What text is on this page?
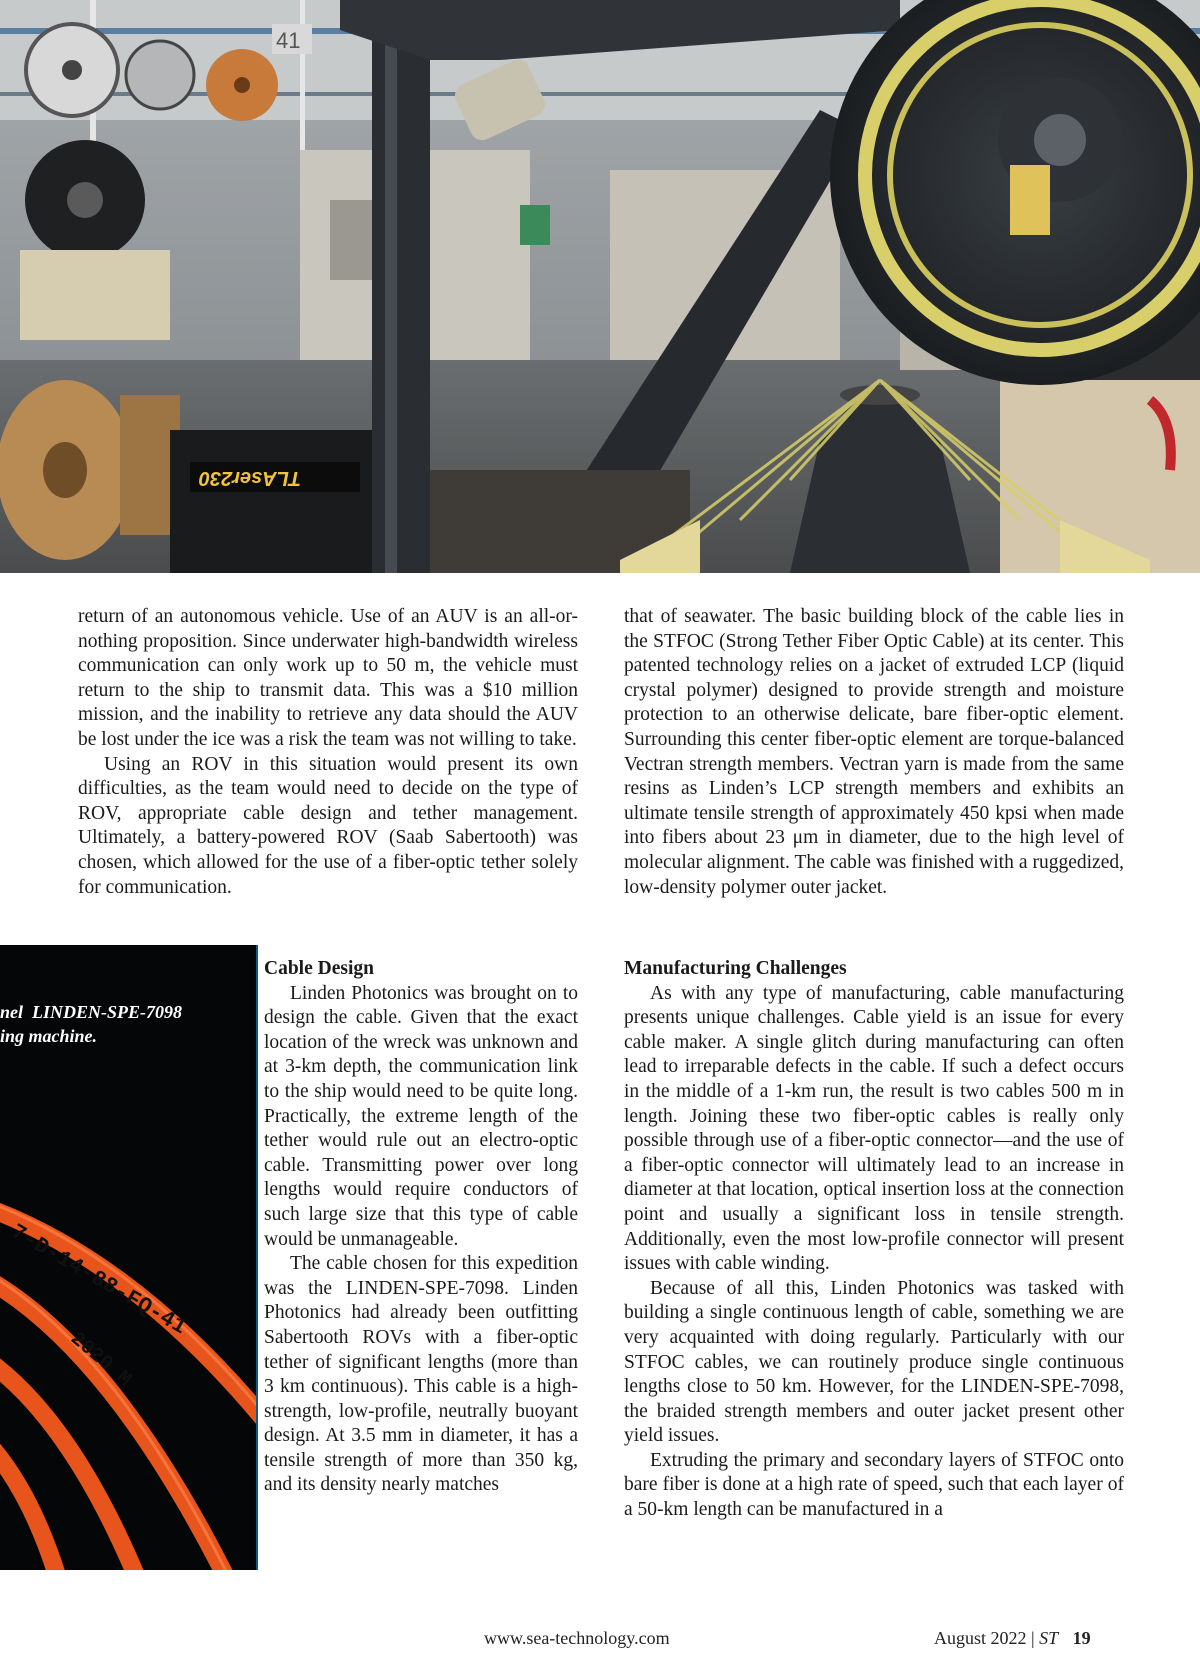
41
TLAser230

return of an autonomous vehicle. Use of an AUV is an all-or-nothing proposition. Since underwater high-bandwidth wireless communication can only work up to 50 m, the vehicle must return to the ship to transmit data. This was a $10 million mission, and the inability to retrieve any data should the AUV be lost under the ice was a risk the team was not willing to take.

Using an ROV in this situation would present its own difficulties, as the team would need to decide on the type of ROV, appropriate cable design and tether management. Ultimately, a battery-powered ROV (Saab Sabertooth) was chosen, which allowed for the use of a fiber-optic tether solely for communication.

that of seawater. The basic building block of the cable lies in the STFOC (Strong Tether Fiber Optic Cable) at its center. This patented technology relies on a jacket of extruded LCP (liquid crystal polymer) designed to provide strength and moisture protection to an otherwise delicate, bare fiber-optic element. Surrounding this center fiber-optic element are torque-balanced Vectran strength members. Vectran yarn is made from the same resins as Linden’s LCP strength members and exhibits an ultimate tensile strength of approximately 450 kpsi when made into fibers about 23 μm in diameter, due to the high level of molecular alignment. The cable was finished with a ruggedized, low-density polymer outer jacket.

7-D-14-88-FQ-41
2020 M
nel  LINDEN-SPE-7098
ing machine.
Cable Design

Linden Photonics was brought on to design the cable. Given that the exact location of the wreck was unknown and at 3-km depth, the communication link to the ship would need to be quite long. Practically, the extreme length of the tether would rule out an electro-optic cable. Transmitting power over long lengths would require conductors of such large size that this type of cable would be unmanageable.

The cable chosen for this expedition was the LINDEN-SPE-7098. Linden Photonics had already been outfitting Sabertooth ROVs with a fiber-optic tether of significant lengths (more than 3 km continuous). This cable is a high-strength, low-profile, neutrally buoyant design. At 3.5 mm in diameter, it has a tensile strength of more than 350 kg, and its density nearly matches

Manufacturing Challenges

As with any type of manufacturing, cable manufacturing presents unique challenges. Cable yield is an issue for every cable maker. A single glitch during manufacturing can often lead to irreparable defects in the cable. If such a defect occurs in the middle of a 1-km run, the result is two cables 500 m in length. Joining these two fiber-optic cables is really only possible through use of a fiber-optic connector—and the use of a fiber-optic connector will ultimately lead to an increase in diameter at that location, optical insertion loss at the connection point and usually a significant loss in tensile strength. Additionally, even the most low-profile connector will present issues with cable winding.

Because of all this, Linden Photonics was tasked with building a single continuous length of cable, something we are very acquainted with doing regularly. Particularly with our STFOC cables, we can routinely produce single continuous lengths close to 50 km. However, for the LINDEN-SPE-7098, the braided strength members and outer jacket present other yield issues.

Extruding the primary and secondary layers of STFOC onto bare fiber is done at a high rate of speed, such that each layer of a 50-km length can be manufactured in a

www.sea-technology.com	August 2022 | ST 19
